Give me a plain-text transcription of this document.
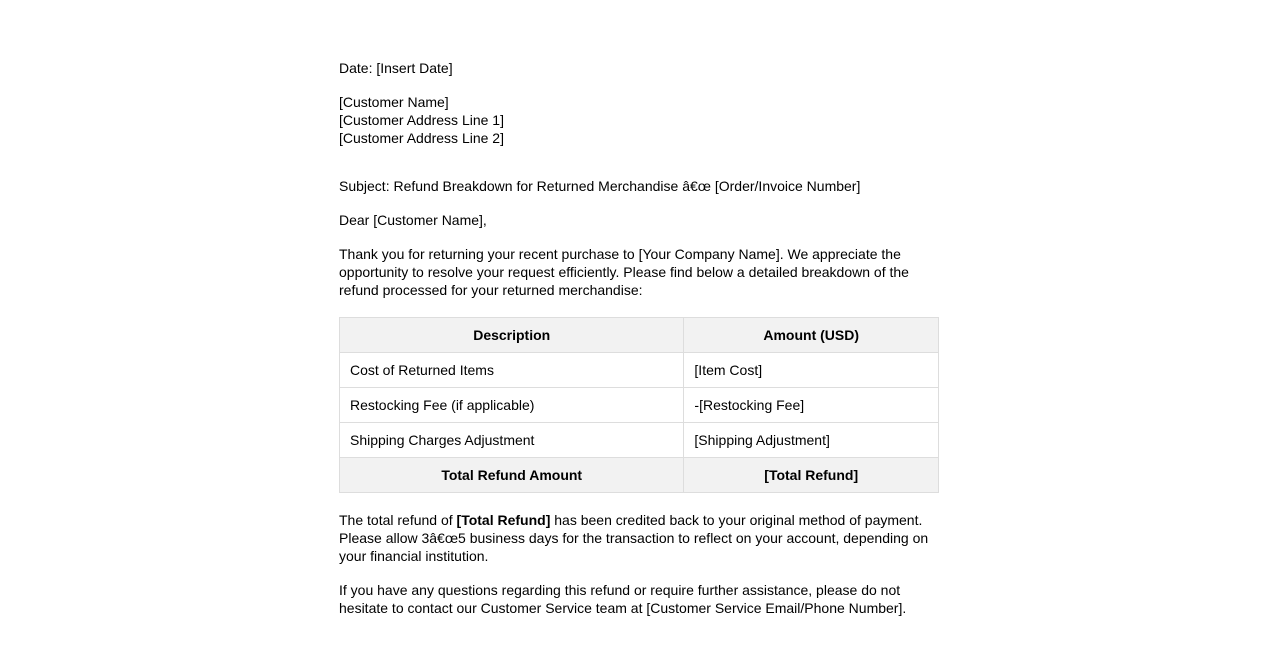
Date: [Insert Date]

[Customer Name]
[Customer Address Line 1]
[Customer Address Line 2]

Subject: Refund Breakdown for Returned Merchandise â€œ [Order/Invoice Number]

Dear [Customer Name],

Thank you for returning your recent purchase to [Your Company Name]. We appreciate the opportunity to resolve your request efficiently. Please find below a detailed breakdown of the refund processed for your returned merchandise:

Description	Amount (USD)
Cost of Returned Items	[Item Cost]
Restocking Fee (if applicable)	-[Restocking Fee]
Shipping Charges Adjustment	[Shipping Adjustment]
Total Refund Amount	[Total Refund]

The total refund of [Total Refund] has been credited back to your original method of payment. Please allow 3â€œ5 business days for the transaction to reflect on your account, depending on your financial institution.

If you have any questions regarding this refund or require further assistance, please do not hesitate to contact our Customer Service team at [Customer Service Email/Phone Number].
